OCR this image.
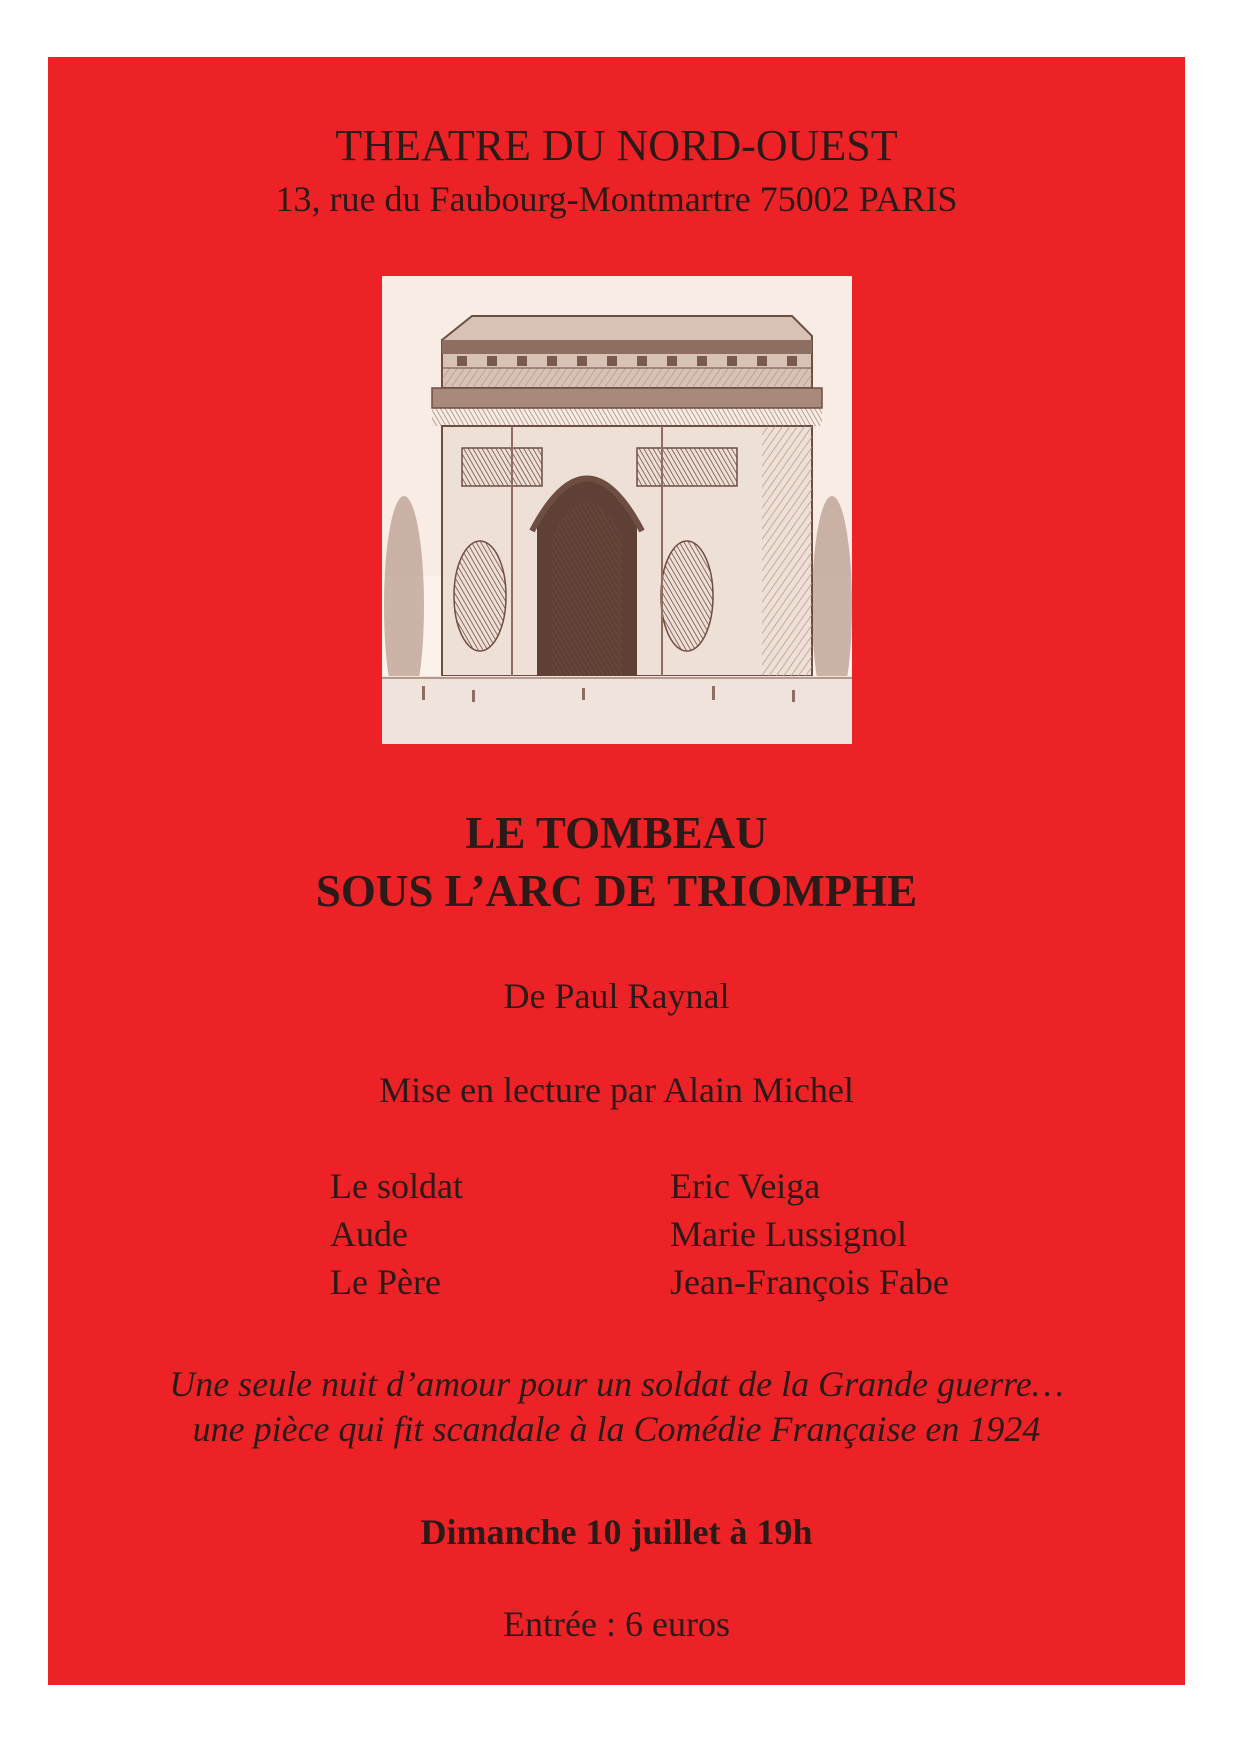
THEATRE DU NORD-OUEST
13, rue du Faubourg-Montmartre 75002 PARIS
LE TOMBEAU
SOUS L’ARC DE TRIOMPHE
De Paul Raynal
Mise en lecture par Alain Michel
Le soldat	Eric Veiga
Aude	Marie Lussignol
Le Père	Jean-François Fabe
Une seule nuit d’amour pour un soldat de la Grande guerre…
une pièce qui fit scandale à la Comédie Française en 1924
Dimanche 10 juillet à 19h
Entrée : 6 euros
